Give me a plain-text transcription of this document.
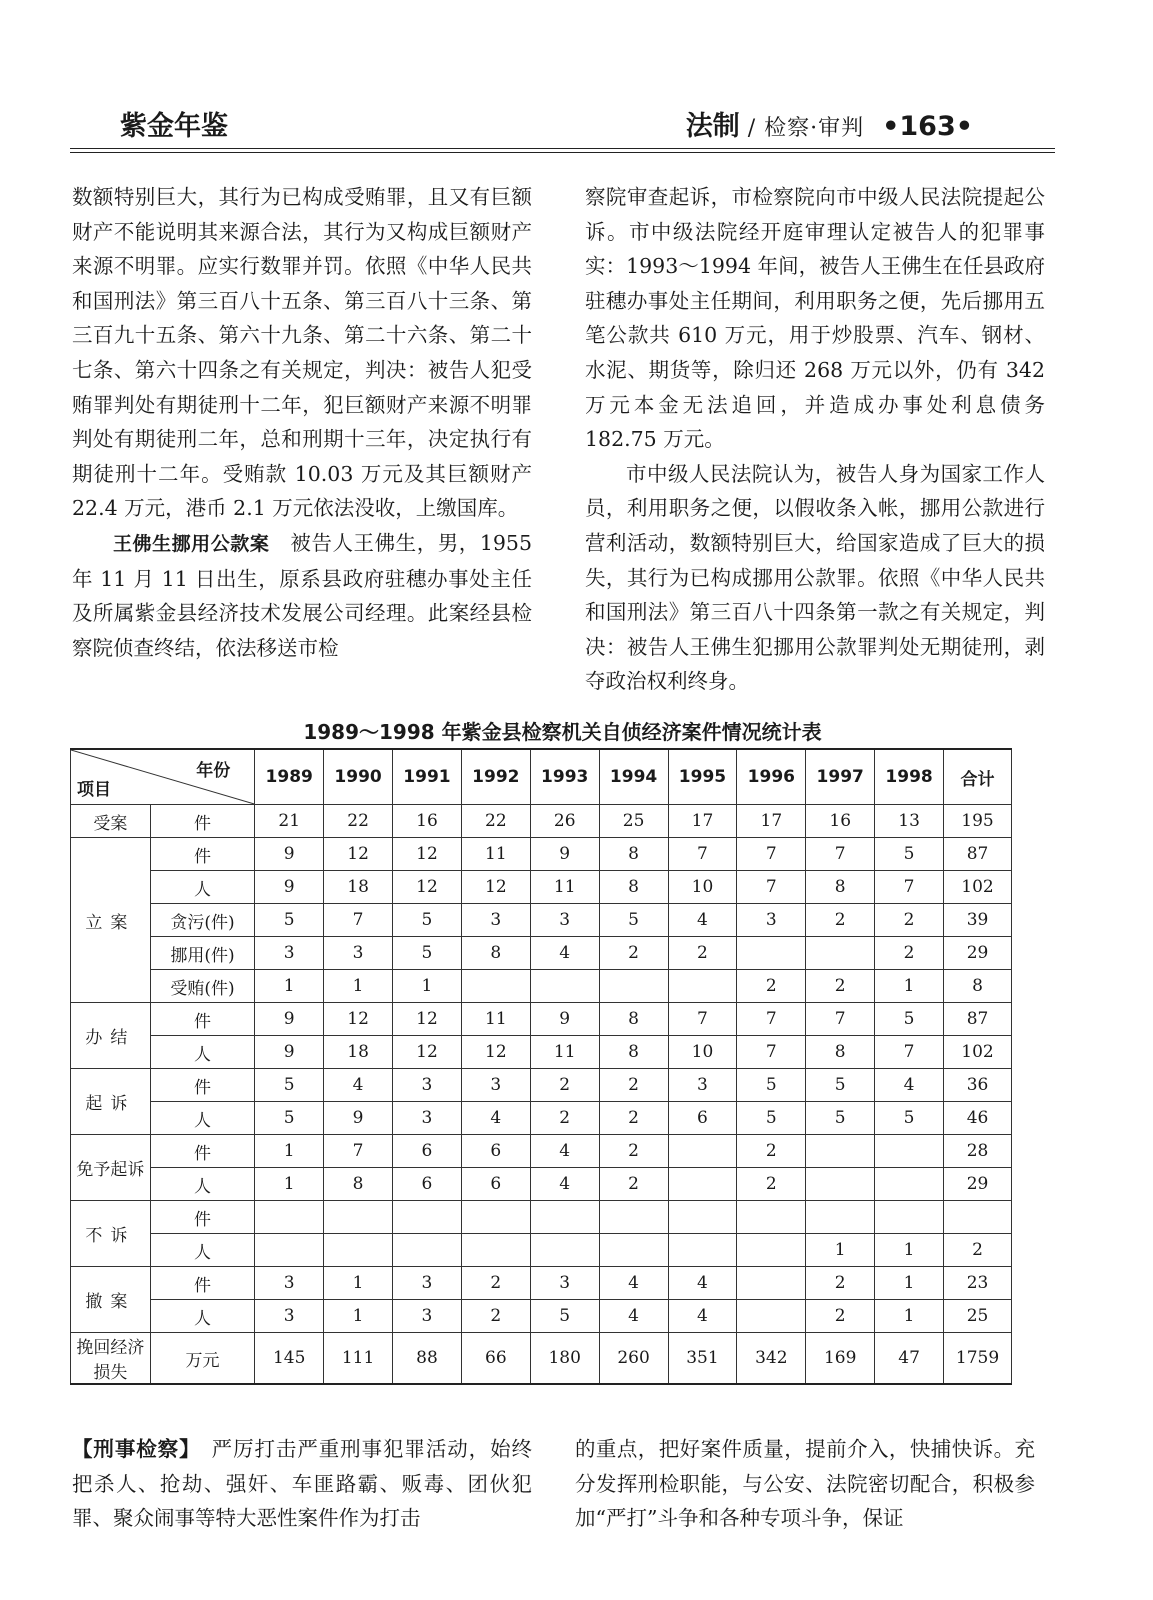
紫金年鉴	法制 / 检察·审判 •163•

数额特别巨大，其行为已构成受贿罪，且又有巨额财产不能说明其来源合法，其行为又构成巨额财产来源不明罪。应实行数罪并罚。依照《中华人民共和国刑法》第三百八十五条、第三百八十三条、第三百九十五条、第六十九条、第二十六条、第二十七条、第六十四条之有关规定，判决：被告人犯受贿罪判处有期徒刑十二年，犯巨额财产来源不明罪判处有期徒刑二年，总和刑期十三年，决定执行有期徒刑十二年。受贿款 10.03 万元及其巨额财产 22.4 万元，港币 2.1 万元依法没收，上缴国库。

王佛生挪用公款案　 被告人王佛生，男，1955 年 11 月 11 日出生，原系县政府驻穗办事处主任及所属紫金县经济技术发展公司经理。此案经县检察院侦查终结，依法移送市检

察院审查起诉，市检察院向市中级人民法院提起公诉。市中级法院经开庭审理认定被告人的犯罪事实：1993～1994 年间，被告人王佛生在任县政府驻穗办事处主任期间，利用职务之便，先后挪用五笔公款共 610 万元，用于炒股票、汽车、钢材、水泥、期货等，除归还 268 万元以外，仍有 342 万元本金无法追回，并造成办事处利息债务 182.75 万元。

市中级人民法院认为，被告人身为国家工作人员，利用职务之便，以假收条入帐，挪用公款进行营利活动，数额特别巨大，给国家造成了巨大的损失，其行为已构成挪用公款罪。依照《中华人民共和国刑法》第三百八十四条第一款之有关规定，判决：被告人王佛生犯挪用公款罪判处无期徒刑，剥夺政治权利终身。

1989～1998 年紫金县检察机关自侦经济案件情况统计表
年份
项目		1989	1990	1991	1992	1993	1994	1995	1996	1997	1998	合计
受案	件	21	22	16	22	26	25	17	17	16	13	195
立案	件	9	12	12	11	9	8	7	7	7	5	87
	人	9	18	12	12	11	8	10	7	8	7	102
	贪污(件)	5	7	5	3	3	5	4	3	2	2	39
	挪用(件)	3	3	5	8	4	2	2			2	29
	受贿(件)	1	1	1					2	2	1	8
办结	件	9	12	12	11	9	8	7	7	7	5	87
	人	9	18	12	12	11	8	10	7	8	7	102
起诉	件	5	4	3	3	2	2	3	5	5	4	36
	人	5	9	3	4	2	2	6	5	5	5	46
免予起诉	件	1	7	6	6	4	2		2			28
	人	1	8	6	6	4	2		2			29
不诉	件											
	人									1	1	2
撤案	件	3	1	3	2	3	4	4		2	1	23
	人	3	1	3	2	5	4	4		2	1	25
挽回经济损失	万元	145	111	88	66	180	260	351	342	169	47	1759

【刑事检察】　 严厉打击严重刑事犯罪活动，始终把杀人、抢劫、强奸、车匪路霸、贩毒、团伙犯罪、聚众闹事等特大恶性案件作为打击

的重点，把好案件质量，提前介入，快捕快诉。充分发挥刑检职能，与公安、法院密切配合，积极参加“严打”斗争和各种专项斗争，保证
